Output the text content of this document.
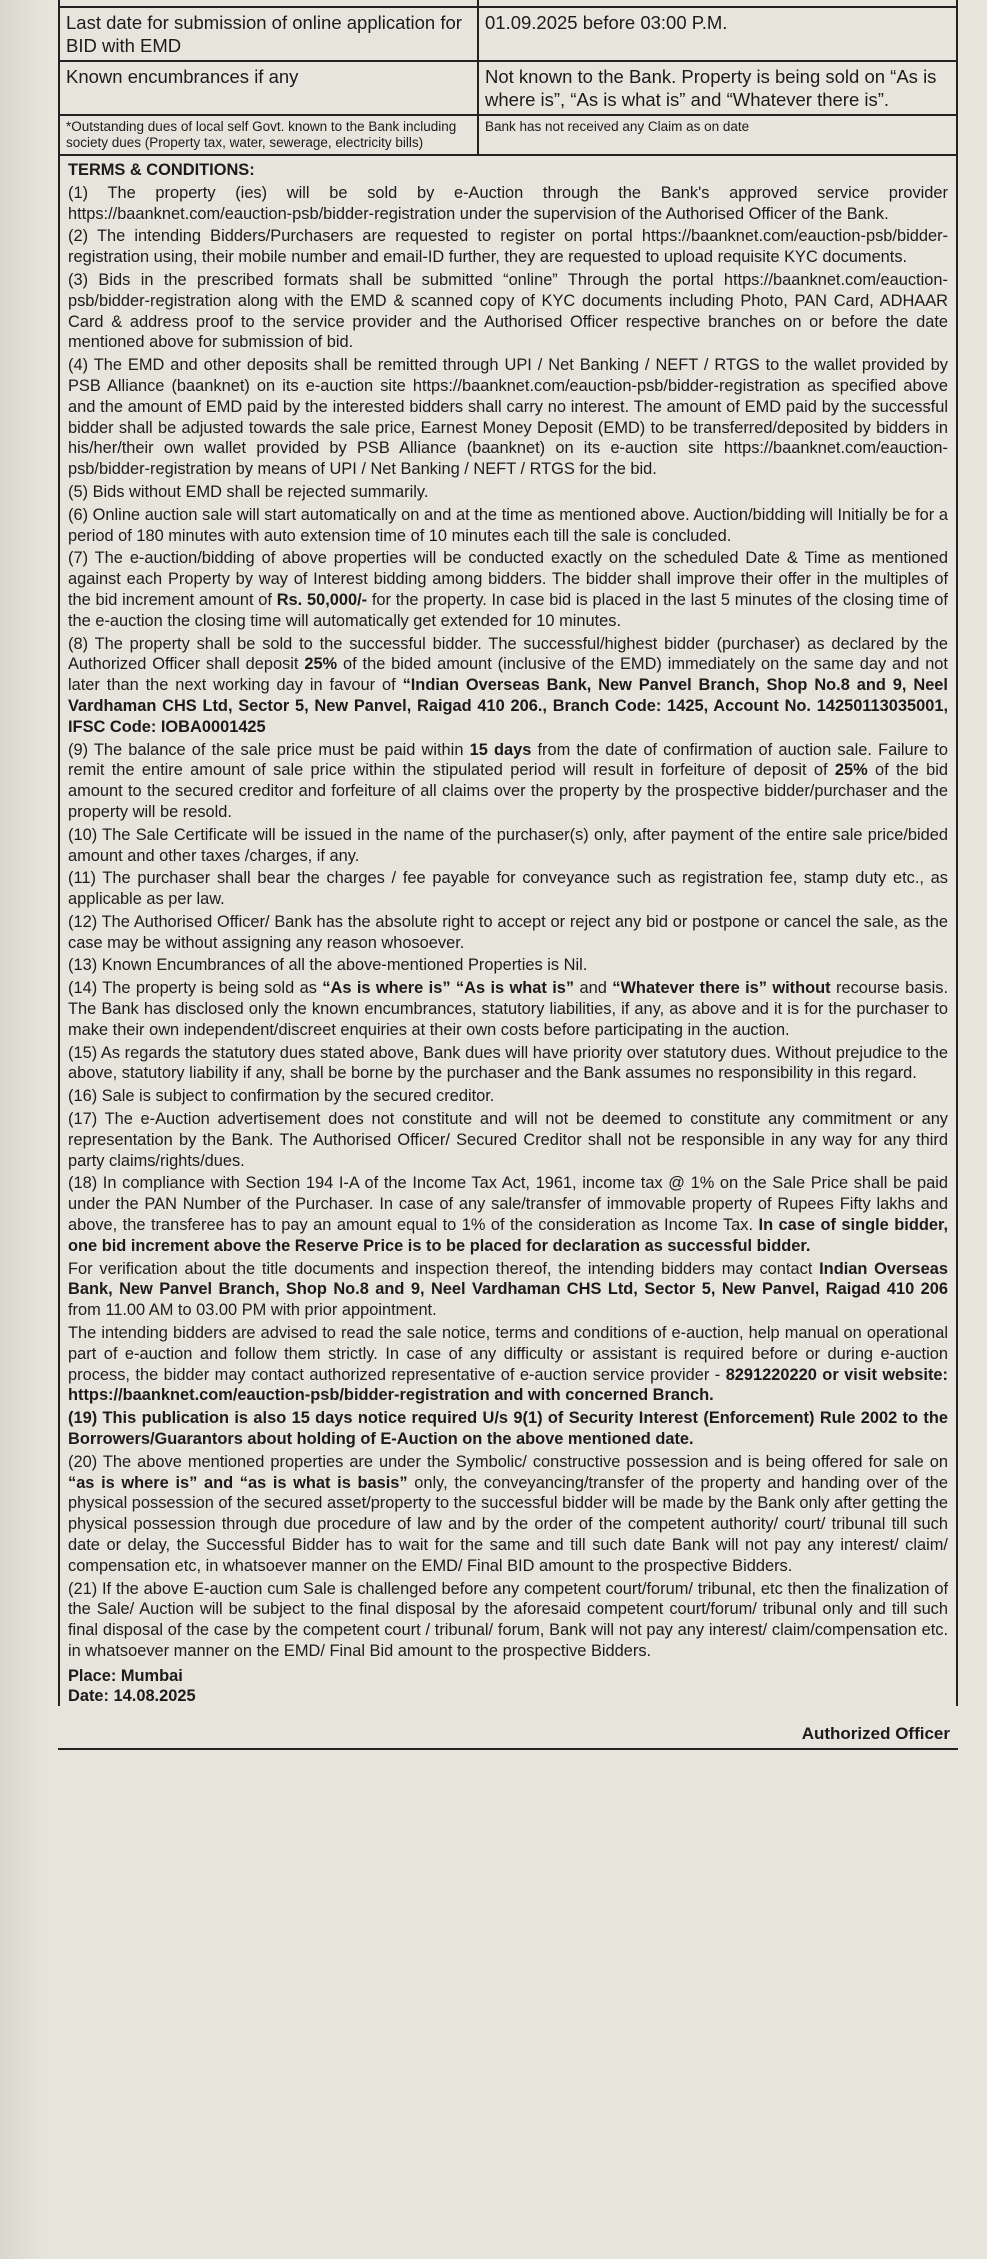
Last date for submission of online application for BID with EMD	01.09.2025 before 03:00 P.M.
Known encumbrances if any	Not known to the Bank. Property is being sold on “As is where is”, “As is what is” and “Whatever there is”.
*Outstanding dues of local self Govt. known to the Bank including society dues (Property tax, water, sewerage, electricity bills)	Bank has not received any Claim as on date

TERMS & CONDITIONS:

(1) The property (ies) will be sold by e-Auction through the Bank's approved service provider https://baanknet.com/eauction-psb/bidder-registration under the supervision of the Authorised Officer of the Bank.

(2) The intending Bidders/Purchasers are requested to register on portal https://baanknet.com/eauction-psb/bidder-registration using, their mobile number and email-ID further, they are requested to upload requisite KYC documents.

(3) Bids in the prescribed formats shall be submitted “online” Through the portal https://baanknet.com/eauction-psb/bidder-registration along with the EMD & scanned copy of KYC documents including Photo, PAN Card, ADHAAR Card & address proof to the service provider and the Authorised Officer respective branches on or before the date mentioned above for submission of bid.

(4) The EMD and other deposits shall be remitted through UPI / Net Banking / NEFT / RTGS to the wallet provided by PSB Alliance (baanknet) on its e-auction site https://baanknet.com/eauction-psb/bidder-registration as specified above and the amount of EMD paid by the interested bidders shall carry no interest. The amount of EMD paid by the successful bidder shall be adjusted towards the sale price, Earnest Money Deposit (EMD) to be transferred/deposited by bidders in his/her/their own wallet provided by PSB Alliance (baanknet) on its e-auction site https://baanknet.com/eauction-psb/bidder-registration by means of UPI / Net Banking / NEFT / RTGS for the bid.

(5) Bids without EMD shall be rejected summarily.

(6) Online auction sale will start automatically on and at the time as mentioned above. Auction/bidding will Initially be for a period of 180 minutes with auto extension time of 10 minutes each till the sale is concluded.

(7) The e-auction/bidding of above properties will be conducted exactly on the scheduled Date & Time as mentioned against each Property by way of Interest bidding among bidders. The bidder shall improve their offer in the multiples of the bid increment amount of Rs. 50,000/- for the property. In case bid is placed in the last 5 minutes of the closing time of the e-auction the closing time will automatically get extended for 10 minutes.

(8) The property shall be sold to the successful bidder. The successful/highest bidder (purchaser) as declared by the Authorized Officer shall deposit 25% of the bided amount (inclusive of the EMD) immediately on the same day and not later than the next working day in favour of “Indian Overseas Bank, New Panvel Branch, Shop No.8 and 9, Neel Vardhaman CHS Ltd, Sector 5, New Panvel, Raigad 410 206., Branch Code: 1425, Account No. 14250113035001, IFSC Code: IOBA0001425

(9) The balance of the sale price must be paid within 15 days from the date of confirmation of auction sale. Failure to remit the entire amount of sale price within the stipulated period will result in forfeiture of deposit of 25% of the bid amount to the secured creditor and forfeiture of all claims over the property by the prospective bidder/purchaser and the property will be resold.

(10) The Sale Certificate will be issued in the name of the purchaser(s) only, after payment of the entire sale price/bided amount and other taxes /charges, if any.

(11) The purchaser shall bear the charges / fee payable for conveyance such as registration fee, stamp duty etc., as applicable as per law.

(12) The Authorised Officer/ Bank has the absolute right to accept or reject any bid or postpone or cancel the sale, as the case may be without assigning any reason whosoever.

(13) Known Encumbrances of all the above-mentioned Properties is Nil.

(14) The property is being sold as “As is where is” “As is what is” and “Whatever there is” without recourse basis. The Bank has disclosed only the known encumbrances, statutory liabilities, if any, as above and it is for the purchaser to make their own independent/discreet enquiries at their own costs before participating in the auction.

(15) As regards the statutory dues stated above, Bank dues will have priority over statutory dues. Without prejudice to the above, statutory liability if any, shall be borne by the purchaser and the Bank assumes no responsibility in this regard.

(16) Sale is subject to confirmation by the secured creditor.

(17) The e-Auction advertisement does not constitute and will not be deemed to constitute any commitment or any representation by the Bank. The Authorised Officer/ Secured Creditor shall not be responsible in any way for any third party claims/rights/dues.

(18) In compliance with Section 194 I-A of the Income Tax Act, 1961, income tax @ 1% on the Sale Price shall be paid under the PAN Number of the Purchaser. In case of any sale/transfer of immovable property of Rupees Fifty lakhs and above, the transferee has to pay an amount equal to 1% of the consideration as Income Tax. In case of single bidder, one bid increment above the Reserve Price is to be placed for declaration as successful bidder.

For verification about the title documents and inspection thereof, the intending bidders may contact Indian Overseas Bank, New Panvel Branch, Shop No.8 and 9, Neel Vardhaman CHS Ltd, Sector 5, New Panvel, Raigad 410 206 from 11.00 AM to 03.00 PM with prior appointment.

The intending bidders are advised to read the sale notice, terms and conditions of e-auction, help manual on operational part of e-auction and follow them strictly. In case of any difficulty or assistant is required before or during e-auction process, the bidder may contact authorized representative of e-auction service provider - 8291220220 or visit website: https://baanknet.com/eauction-psb/bidder-registration and with concerned Branch.

(19) This publication is also 15 days notice required U/s 9(1) of Security Interest (Enforcement) Rule 2002 to the Borrowers/Guarantors about holding of E-Auction on the above mentioned date.

(20) The above mentioned properties are under the Symbolic/ constructive possession and is being offered for sale on “as is where is” and “as is what is basis” only, the conveyancing/transfer of the property and handing over of the physical possession of the secured asset/property to the successful bidder will be made by the Bank only after getting the physical possession through due procedure of law and by the order of the competent authority/ court/ tribunal till such date or delay, the Successful Bidder has to wait for the same and till such date Bank will not pay any interest/ claim/ compensation etc, in whatsoever manner on the EMD/ Final BID amount to the prospective Bidders.

(21) If the above E-auction cum Sale is challenged before any competent court/forum/ tribunal, etc then the finalization of the Sale/ Auction will be subject to the final disposal by the aforesaid competent court/forum/ tribunal only and till such final disposal of the case by the competent court / tribunal/ forum, Bank will not pay any interest/ claim/compensation etc. in whatsoever manner on the EMD/ Final Bid amount to the prospective Bidders.

Place: Mumbai
Date: 14.08.2025
Authorized Officer
